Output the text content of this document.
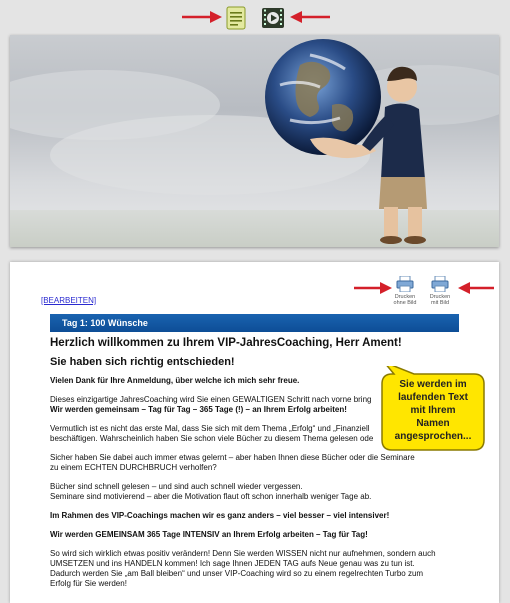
[BEARBEITEN]	Drucken
ohne Bild
Drucken
mit Bild
Tag 1: 100 Wünsche
Herzlich willkommen zu Ihrem VIP-JahresCoaching, Herr Ament!
Sie haben sich richtig entschieden!

Vielen Dank für Ihre Anmeldung, über welche ich mich sehr freue.

Dieses einzigartige JahresCoaching wird Sie einen GEWALTIGEN Schritt nach vorne bring
Wir werden gemeinsam – Tag für Tag – 365 Tage (!) – an Ihrem Erfolg arbeiten!

Vermutlich ist es nicht das erste Mal, dass Sie sich mit dem Thema „Erfolg“ und „Finanziell
beschäftigen. Wahrscheinlich haben Sie schon viele Bücher zu diesem Thema gelesen ode

Sicher haben Sie dabei auch immer etwas gelernt – aber haben Ihnen diese Bücher oder die Seminare
zu einem ECHTEN DURCHBRUCH verholfen?

Bücher sind schnell gelesen – und sind auch schnell wieder vergessen.
Seminare sind motivierend – aber die Motivation flaut oft schon innerhalb weniger Tage ab.

Im Rahmen des VIP-Coachings machen wir es ganz anders – viel besser – viel intensiver!

Wir werden GEMEINSAM 365 Tage INTENSIV an Ihrem Erfolg arbeiten – Tag für Tag!

So wird sich wirklich etwas positiv verändern! Denn Sie werden WISSEN nicht nur aufnehmen, sondern auch
UMSETZEN und ins HANDELN kommen! Ich sage Ihnen JEDEN TAG aufs Neue genau was zu tun ist.
Dadurch werden Sie „am Ball bleiben“ und unser VIP-Coaching wird so zu einem regelrechten Turbo zum
Erfolg für Sie werden!

Sie werden im
laufenden Text
mit Ihrem
Namen
angesprochen...
